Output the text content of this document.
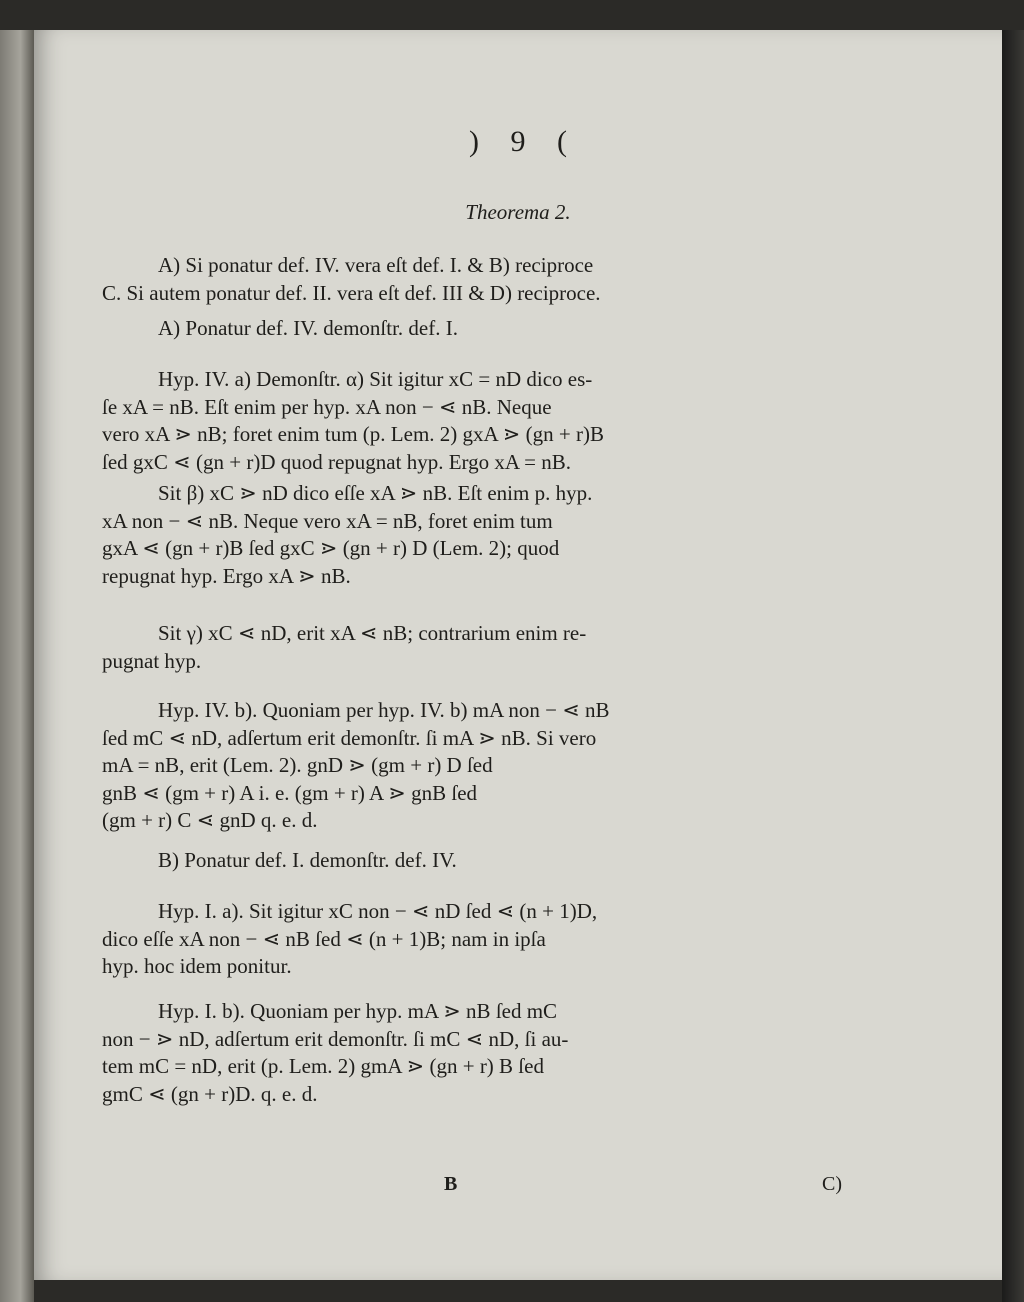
) 9 (
Theorema 2.
A) Si ponatur def. IV. vera eſt def. I. & B) reciproce
C. Si autem ponatur def. II. vera eſt def. III & D) reciproce.
A) Ponatur def. IV. demonſtr. def. I.
Hyp. IV. a) Demonſtr. α) Sit igitur xC = nD dico es-
ſe xA = nB. Eſt enim per hyp. xA non − ⋖ nB. Neque
vero xA ⋗ nB; foret enim tum (p. Lem. 2) gxA ⋗ (gn + r)B
ſed gxC ⋖ (gn + r)D quod repugnat hyp. Ergo xA = nB.
Sit β) xC ⋗ nD dico eſſe xA ⋗ nB. Eſt enim p. hyp.
xA non − ⋖ nB. Neque vero xA = nB, foret enim tum
gxA ⋖ (gn + r)B ſed gxC ⋗ (gn + r) D (Lem. 2); quod
repugnat hyp. Ergo xA ⋗ nB.
Sit γ) xC ⋖ nD, erit xA ⋖ nB; contrarium enim re-
pugnat hyp.
Hyp. IV. b). Quoniam per hyp. IV. b) mA non − ⋖ nB
ſed mC ⋖ nD, adſertum erit demonſtr. ſi mA ⋗ nB. Si vero
mA = nB, erit (Lem. 2). gnD ⋗ (gm + r) D ſed
gnB ⋖ (gm + r) A i. e. (gm + r) A ⋗ gnB ſed
(gm + r) C ⋖ gnD q. e. d.
B) Ponatur def. I. demonſtr. def. IV.
Hyp. I. a). Sit igitur xC non − ⋖ nD ſed ⋖ (n + 1)D,
dico eſſe xA non − ⋖ nB ſed ⋖ (n + 1)B; nam in ipſa
hyp. hoc idem ponitur.
Hyp. I. b). Quoniam per hyp. mA ⋗ nB ſed mC
non − ⋗ nD, adſertum erit demonſtr. ſi mC ⋖ nD, ſi au-
tem mC = nD, erit (p. Lem. 2) gmA ⋗ (gn + r) B ſed
gmC ⋖ (gn + r)D. q. e. d.
B	C)
